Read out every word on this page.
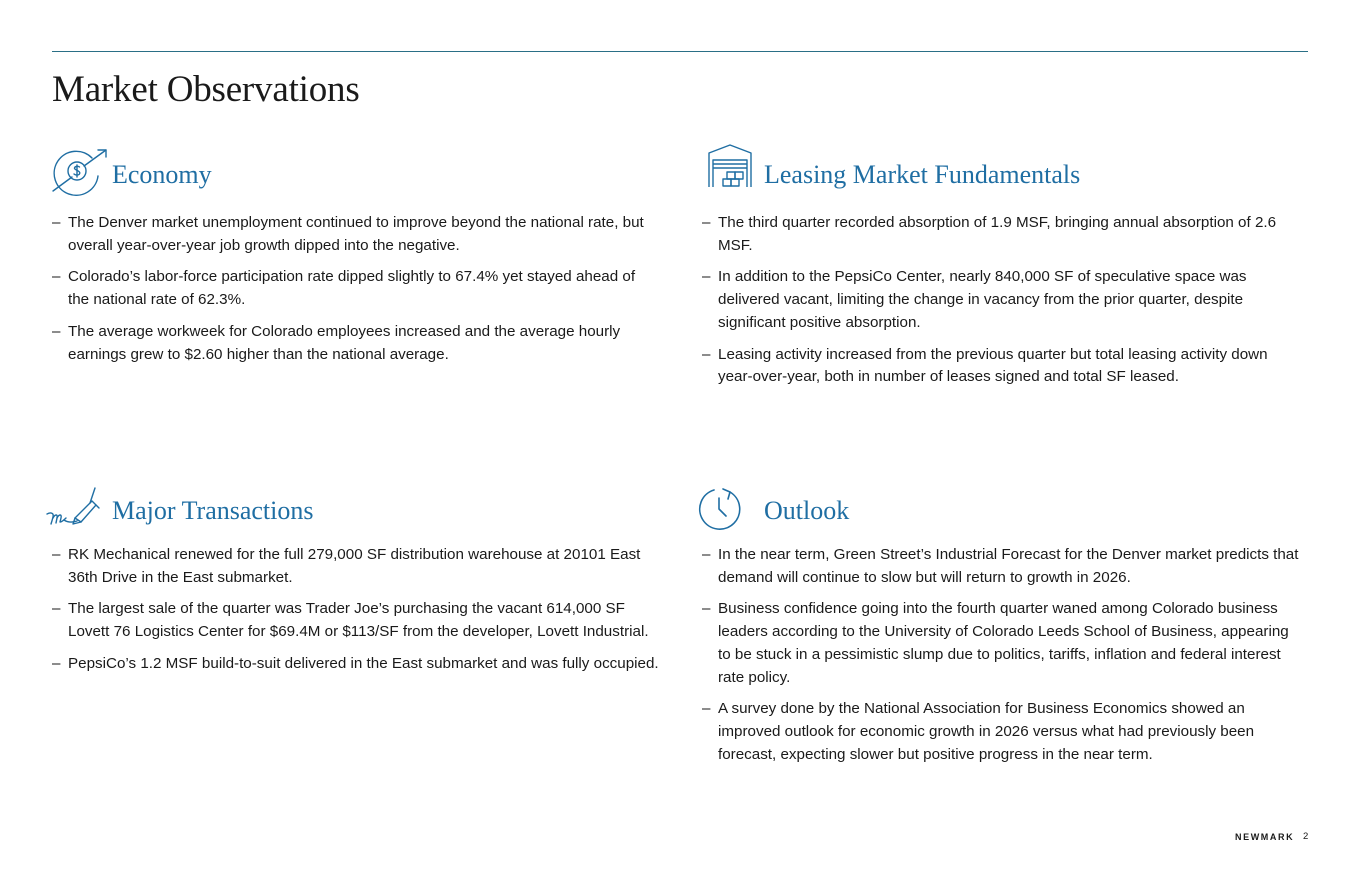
Market Observations
Economy
– The Denver market unemployment continued to improve beyond the national rate, but overall year-over-year job growth dipped into the negative.
– Colorado’s labor-force participation rate dipped slightly to 67.4% yet stayed ahead of the national rate of 62.3%.
– The average workweek for Colorado employees increased and the average hourly earnings grew to $2.60 higher than the national average.
Leasing Market Fundamentals
– The third quarter recorded absorption of 1.9 MSF, bringing annual absorption of 2.6 MSF.
– In addition to the PepsiCo Center, nearly 840,000 SF of speculative space was delivered vacant, limiting the change in vacancy from the prior quarter, despite significant positive absorption.
– Leasing activity increased from the previous quarter but total leasing activity down year-over-year, both in number of leases signed and total SF leased.
Major Transactions
– RK Mechanical renewed for the full 279,000 SF distribution warehouse at 20101 East 36th Drive in the East submarket.
– The largest sale of the quarter was Trader Joe’s purchasing the vacant 614,000 SF Lovett 76 Logistics Center for $69.4M or $113/SF from the developer, Lovett Industrial.
– PepsiCo’s 1.2 MSF build-to-suit delivered in the East submarket and was fully occupied.
Outlook
– In the near term, Green Street’s Industrial Forecast for the Denver market predicts that demand will continue to slow but will return to growth in 2026.
– Business confidence going into the fourth quarter waned among Colorado business leaders according to the University of Colorado Leeds School of Business, appearing to be stuck in a pessimistic slump due to politics, tariffs, inflation and federal interest rate policy.
– A survey done by the National Association for Business Economics showed an improved outlook for economic growth in 2026 versus what had previously been forecast, expecting slower but positive progress in the near term.
NEWMARK 2
